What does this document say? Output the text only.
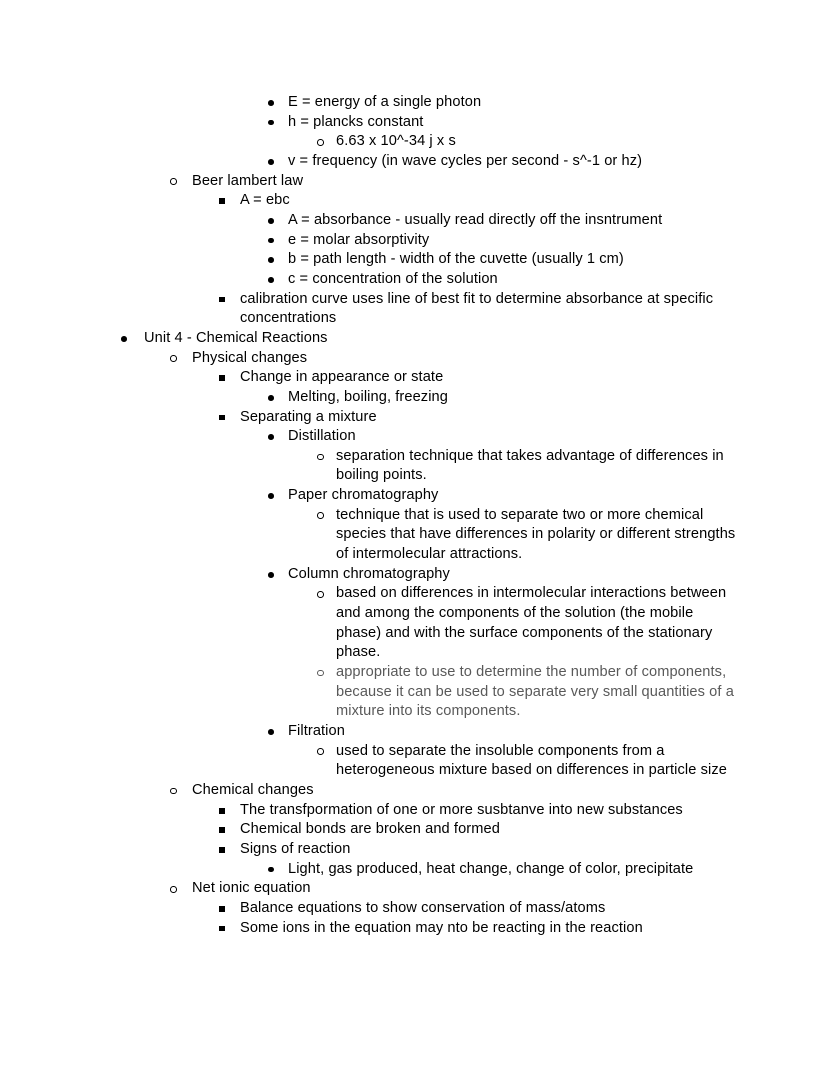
E = energy of a single photon
h = plancks constant
6.63 x 10^-34 j x s
v = frequency (in wave cycles per second - s^-1 or hz)
Beer lambert law
A = ebc
A = absorbance - usually read directly off the insntrument
e = molar absorptivity
b = path length - width of the cuvette (usually 1 cm)
c = concentration of the solution
calibration curve uses line of best fit to determine absorbance at specific concentrations
Unit 4 - Chemical Reactions
Physical changes
Change in appearance or state
Melting, boiling, freezing
Separating a mixture
Distillation
separation technique that takes advantage of differences in boiling points.
Paper chromatography
technique that is used to separate two or more chemical species that have differences in polarity or different strengths of intermolecular attractions.
Column chromatography
based on differences in intermolecular interactions between and among the components of the solution (the mobile phase) and with the surface components of the stationary phase.
appropriate to use to determine the number of components, because it can be used to separate very small quantities of a mixture into its components.
Filtration
used to separate the insoluble components from a heterogeneous mixture based on differences in particle size
Chemical changes
The transfpormation of one or more susbtanve into new substances
Chemical bonds are broken and formed
Signs of reaction
Light, gas produced, heat change, change of color, precipitate
Net ionic equation
Balance equations to show conservation of mass/atoms
Some ions in the equation may nto be reacting in the reaction
